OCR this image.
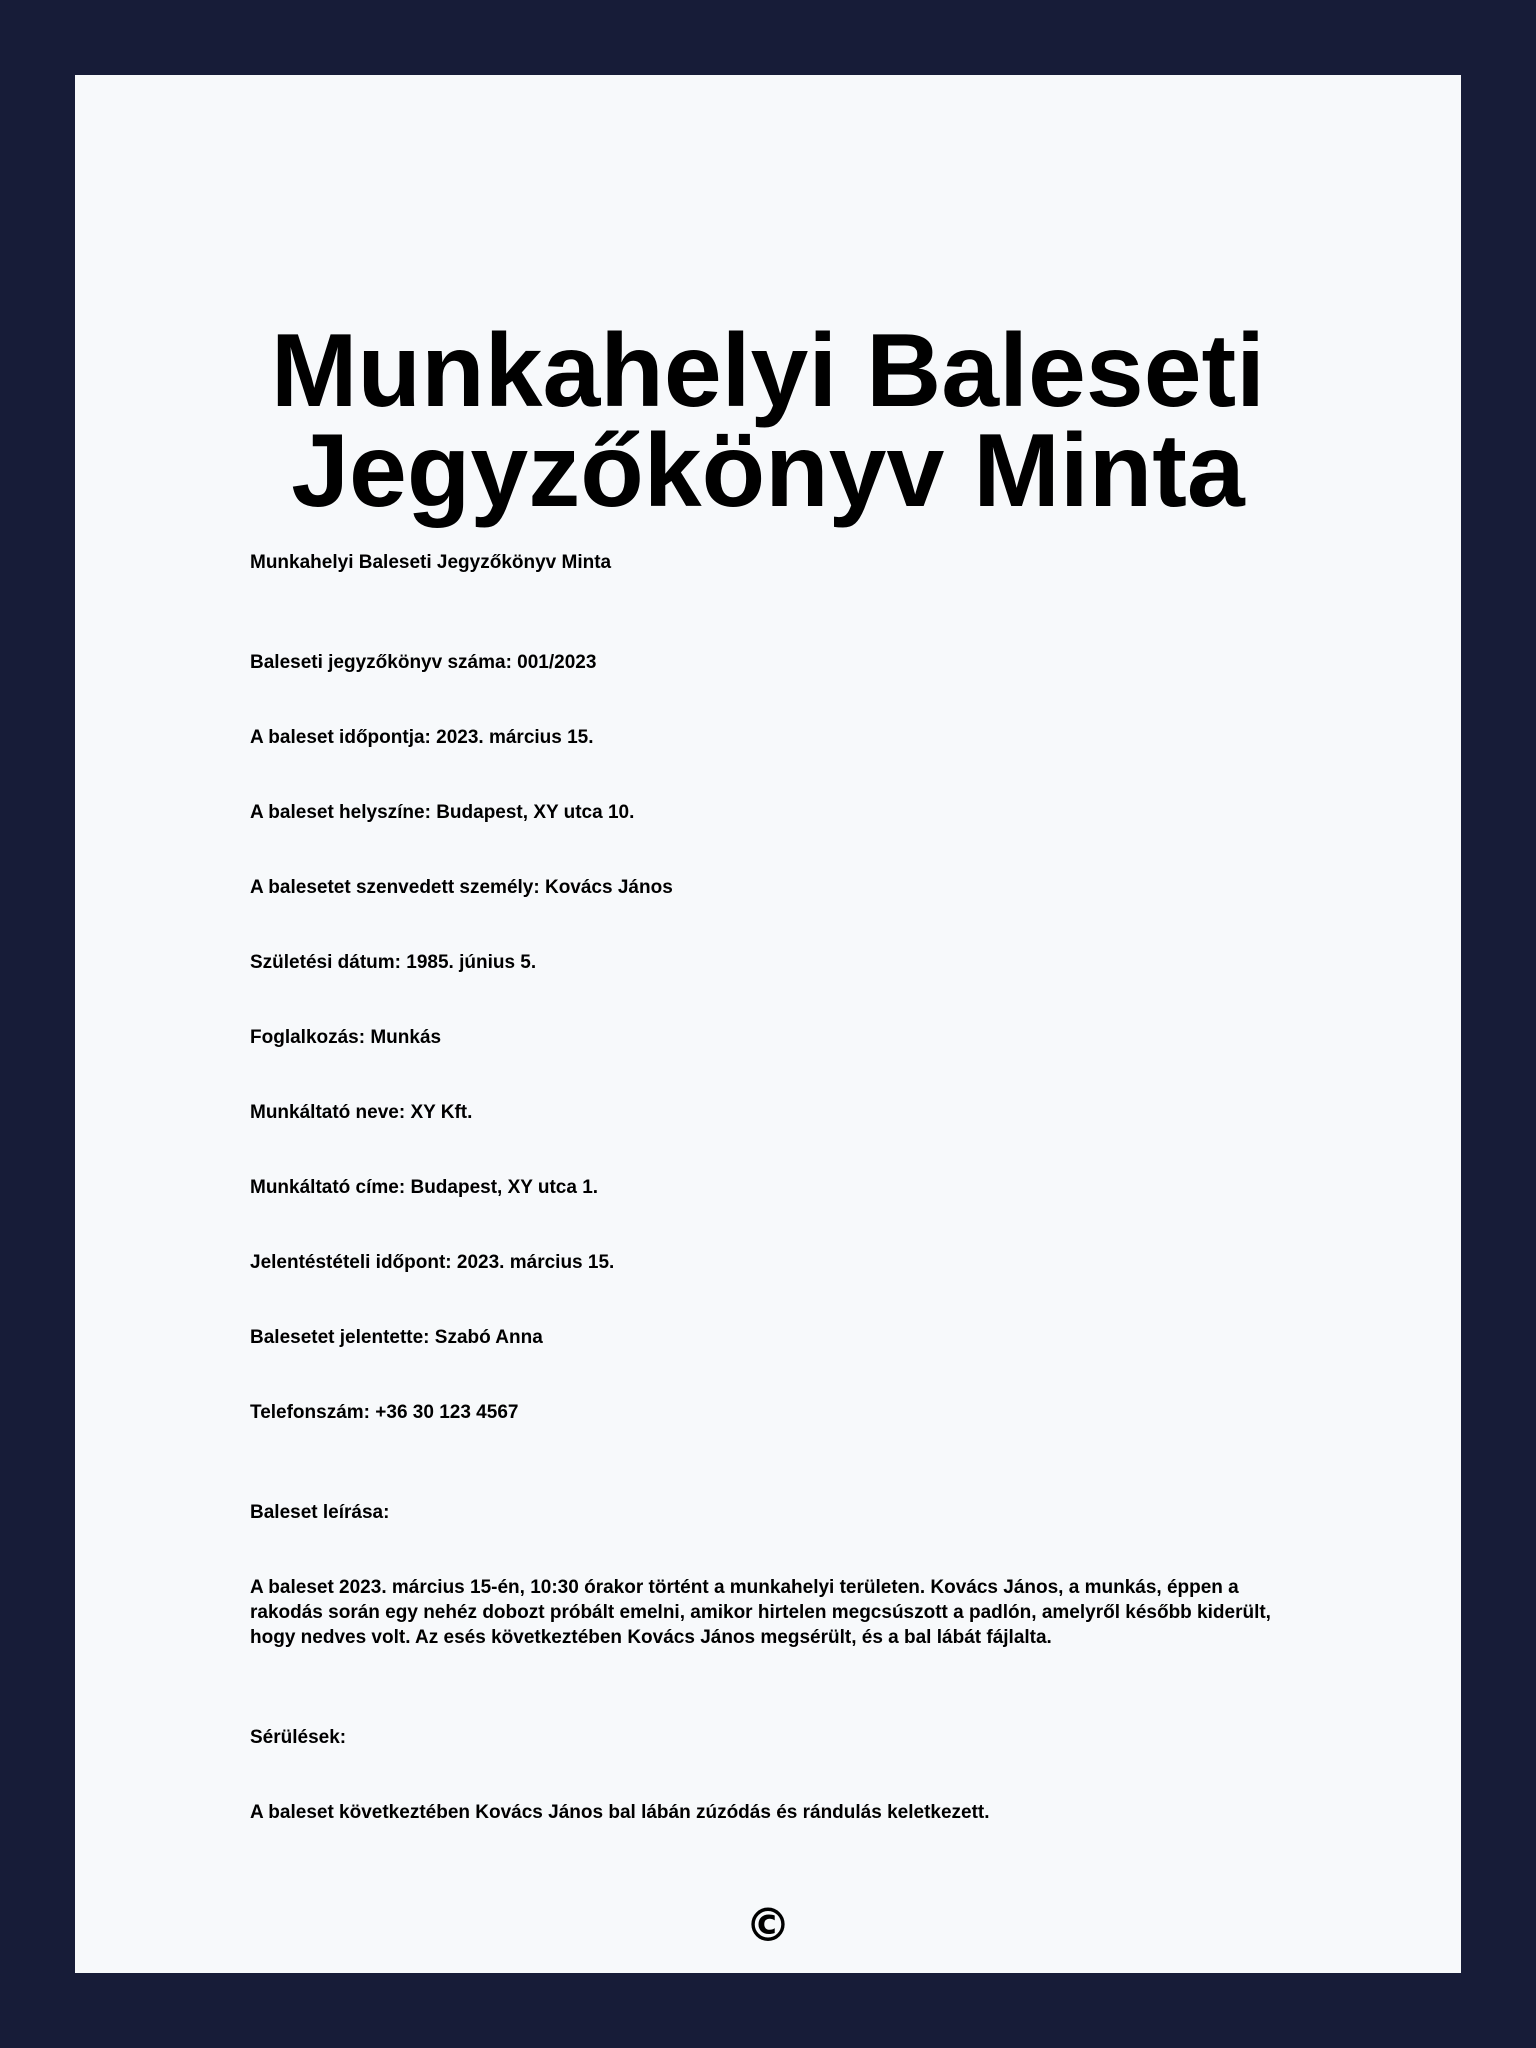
Munkahelyi Baleseti Jegyzőkönyv Minta

Munkahelyi Baleseti Jegyzőkönyv Minta

Baleseti jegyzőkönyv száma: 001/2023

A baleset időpontja: 2023. március 15.

A baleset helyszíne: Budapest, XY utca 10.

A balesetet szenvedett személy: Kovács János

Születési dátum: 1985. június 5.

Foglalkozás: Munkás

Munkáltató neve: XY Kft.

Munkáltató címe: Budapest, XY utca 1.

Jelentéstételi időpont: 2023. március 15.

Balesetet jelentette: Szabó Anna

Telefonszám: +36 30 123 4567

Baleset leírása:

A baleset 2023. március 15-én, 10:30 órakor történt a munkahelyi területen. Kovács János, a munkás, éppen a rakodás során egy nehéz dobozt próbált emelni, amikor hirtelen megcsúszott a padlón, amelyről később kiderült, hogy nedves volt. Az esés következtében Kovács János megsérült, és a bal lábát fájlalta.

Sérülések:

A baleset következtében Kovács János bal lábán zúzódás és rándulás keletkezett.

©
